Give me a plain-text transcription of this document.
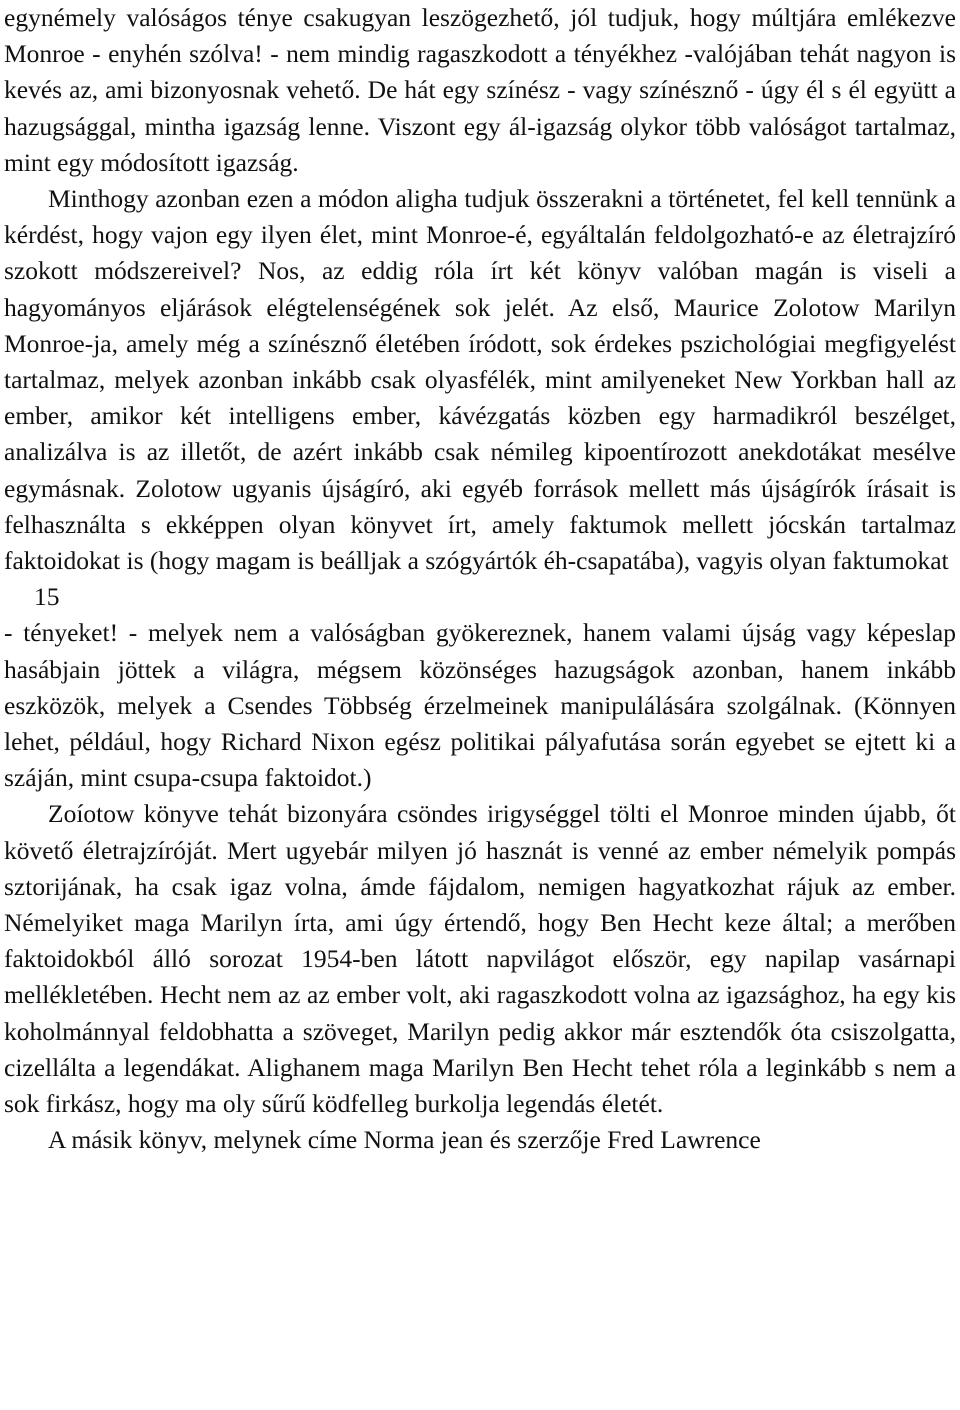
egynémely valóságos ténye csakugyan leszögezhető, jól tudjuk, hogy múltjára emlékezve Monroe - enyhén szólva! - nem mindig ragaszkodott a tényékhez -valójában tehát nagyon is kevés az, ami bizonyosnak vehető. De hát egy színész - vagy színésznő - úgy él s él együtt a hazugsággal, mintha igazság lenne. Viszont egy ál-igazság olykor több valóságot tartalmaz, mint egy módosított igazság.

Minthogy azonban ezen a módon aligha tudjuk összerakni a történetet, fel kell tennünk a kérdést, hogy vajon egy ilyen élet, mint Monroe-é, egyáltalán feldolgozható-e az életrajzíró szokott módszereivel? Nos, az eddig róla írt két könyv valóban magán is viseli a hagyományos eljárások elégtelenségének sok jelét. Az első, Maurice Zolotow Marilyn Monroe-ja, amely még a színésznő életében íródott, sok érdekes pszichológiai megfigyelést tartalmaz, melyek azonban inkább csak olyasfélék, mint amilyeneket New Yorkban hall az ember, amikor két intelligens ember, kávézgatás közben egy harmadikról beszélget, analizálva is az illetőt, de azért inkább csak némileg kipoentírozott anekdotákat mesélve egymásnak. Zolotow ugyanis újságíró, aki egyéb források mellett más újságírók írásait is felhasználta s ekképpen olyan könyvet írt, amely faktumok mellett jócskán tartalmaz faktoidokat is (hogy magam is beálljak a szógyártók éh-csapatába), vagyis olyan faktumokat

15

- tényeket! - melyek nem a valóságban gyökereznek, hanem valami újság vagy képeslap hasábjain jöttek a világra, mégsem közönséges hazugságok azonban, hanem inkább eszközök, melyek a Csendes Többség érzelmeinek manipulálására szolgálnak. (Könnyen lehet, például, hogy Richard Nixon egész politikai pályafutása során egyebet se ejtett ki a száján, mint csupa-csupa faktoidot.)

Zoíotow könyve tehát bizonyára csöndes irigységgel tölti el Monroe minden újabb, őt követő életrajzíróját. Mert ugyebár milyen jó hasznát is venné az ember némelyik pompás sztorijának, ha csak igaz volna, ámde fájdalom, nemigen hagyatkozhat rájuk az ember. Némelyiket maga Marilyn írta, ami úgy értendő, hogy Ben Hecht keze által; a merőben faktoidokból álló sorozat 1954-ben látott napvilágot először, egy napilap vasárnapi mellékletében. Hecht nem az az ember volt, aki ragaszkodott volna az igazsághoz, ha egy kis koholmánnyal feldobhatta a szöveget, Marilyn pedig akkor már esztendők óta csiszolgatta, cizellálta a legendákat. Alighanem maga Marilyn Ben Hecht tehet róla a leginkább s nem a sok firkász, hogy ma oly sűrű ködfelleg burkolja legendás életét.

A másik könyv, melynek címe Norma jean és szerzője Fred Lawrence
